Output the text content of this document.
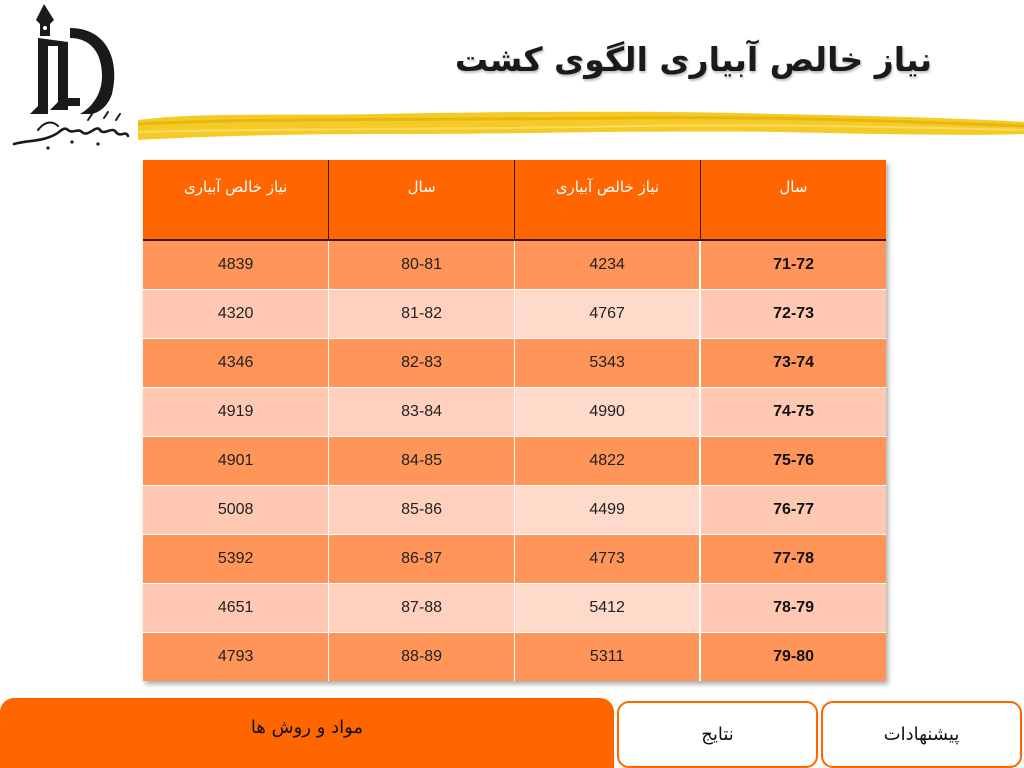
نیاز خالص آبیاری الگوی کشت
نیاز خالص آبیاری	سال	نیاز خالص آبیاری	سال
4839	80-81	4234	71-72
4320	81-82	4767	72-73
4346	82-83	5343	73-74
4919	83-84	4990	74-75
4901	84-85	4822	75-76
5008	85-86	4499	76-77
5392	86-87	4773	77-78
4651	87-88	5412	78-79
4793	88-89	5311	79-80
مواد و روش ها	نتایج	پیشنهادات
